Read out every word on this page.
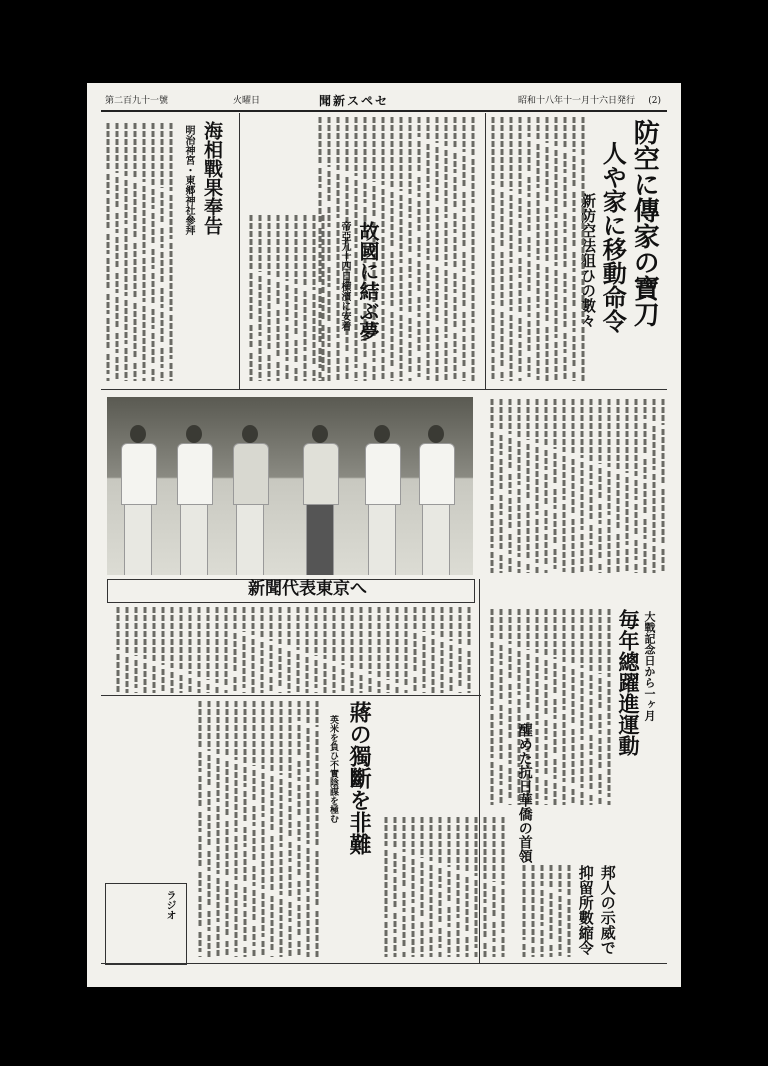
(2)
昭和十八年十一月十六日発行
聞新スペセ
火曜日
第二百九十一號
防空に傳家の寶刀
人や家に移動命令
新防空法狙ひの數々
故國に結ぶ夢
帝亞九十四日横濱に安着
海相戰果奉告
明治神宮・東郷神社參拜
新聞代表東京へ
毎年總躍進運動 大戰記念日から一ヶ月
蔣の獨斷を非難
英米を負ひ不實陰謀を極む	醒めた抗日華僑の首領
邦人の示威で
抑留所數縮令
ラジオ
